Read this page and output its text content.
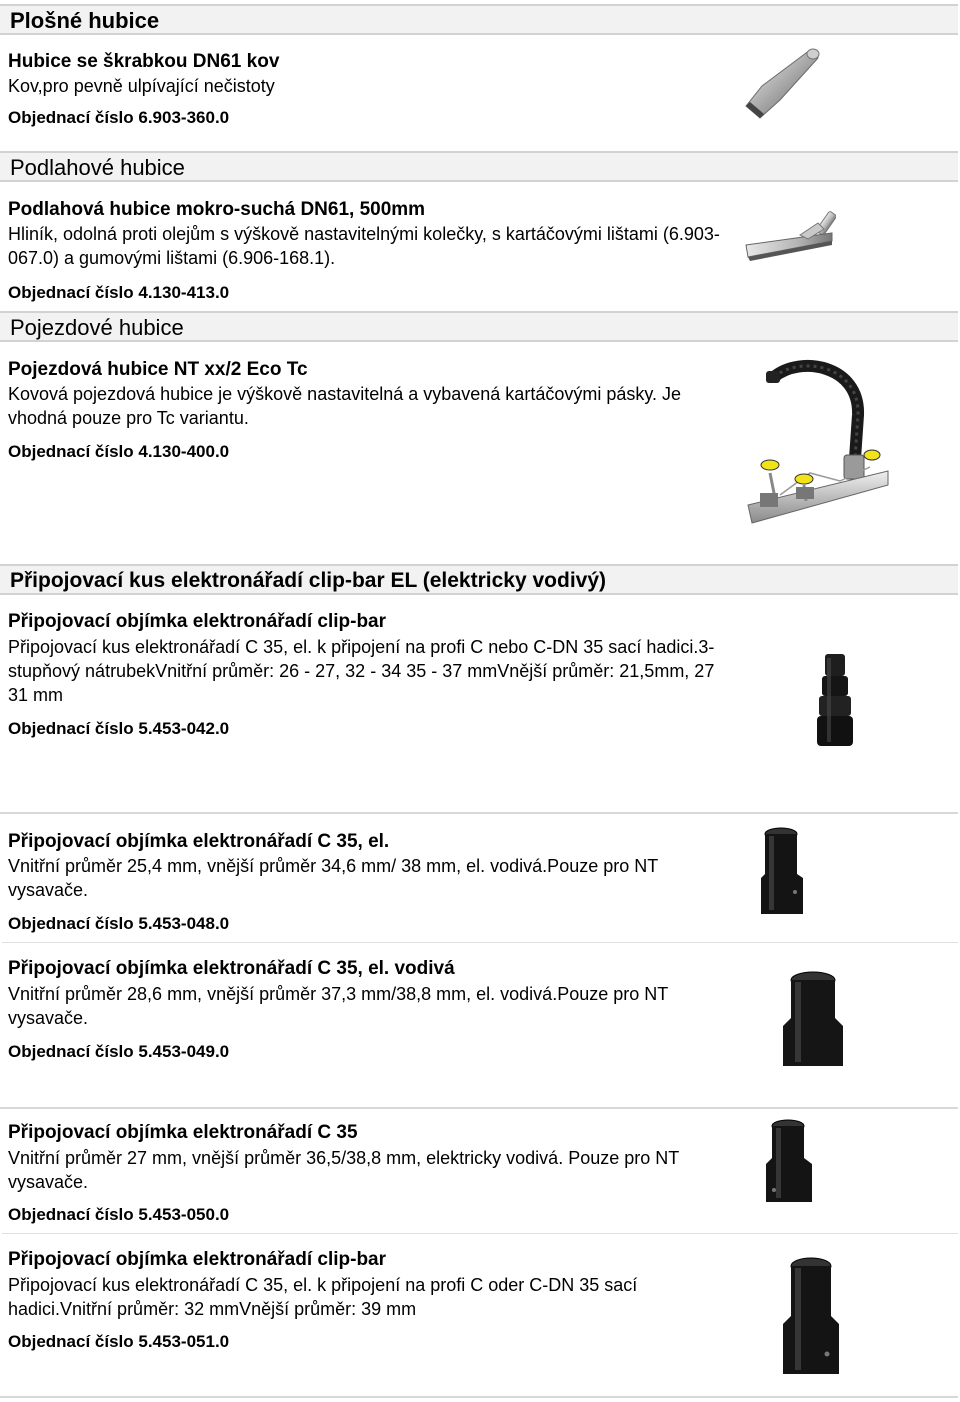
Plošné hubice
Hubice se škrabkou DN61 kov
Kov,pro pevně ulpívající nečistoty
Objednací číslo 6.903-360.0
Podlahové hubice
Podlahová hubice mokro-suchá DN61, 500mm
Hliník, odolná proti olejům s výškově nastavitelnými kolečky, s kartáčovými lištami (6.903-067.0) a gumovými lištami (6.906-168.1).
Objednací číslo 4.130-413.0
Pojezdové hubice
Pojezdová hubice NT xx/2 Eco Tc
Kovová pojezdová hubice je výškově nastavitelná a vybavená kartáčovými pásky. Je vhodná pouze pro Tc variantu.
Objednací číslo 4.130-400.0
Připojovací kus elektronářadí clip-bar EL (elektricky vodivý)
Připojovací objímka elektronářadí clip-bar
Připojovací kus elektronářadí C 35, el. k připojení na profi C nebo C-DN 35 sací hadici.3-stupňový nátrubekVnitřní průměr: 26 - 27, 32 - 34 35 - 37 mmVnější průměr: 21,5mm, 27 31 mm
Objednací číslo 5.453-042.0
Připojovací objímka elektronářadí C 35, el.
Vnitřní průměr 25,4 mm, vnější průměr 34,6 mm/ 38 mm, el. vodivá.Pouze pro NT vysavače.
Objednací číslo 5.453-048.0
Připojovací objímka elektronářadí C 35, el. vodivá
Vnitřní průměr 28,6 mm, vnější průměr 37,3 mm/38,8 mm, el. vodivá.Pouze pro NT vysavače.
Objednací číslo 5.453-049.0
Připojovací objímka elektronářadí C 35
Vnitřní průměr 27 mm, vnější průměr 36,5/38,8 mm, elektricky vodivá. Pouze pro NT vysavače.
Objednací číslo 5.453-050.0
Připojovací objímka elektronářadí clip-bar
Připojovací kus elektronářadí C 35, el. k připojení na profi C oder C-DN 35 sací hadici.Vnitřní průměr: 32 mmVnější průměr: 39 mm
Objednací číslo 5.453-051.0
